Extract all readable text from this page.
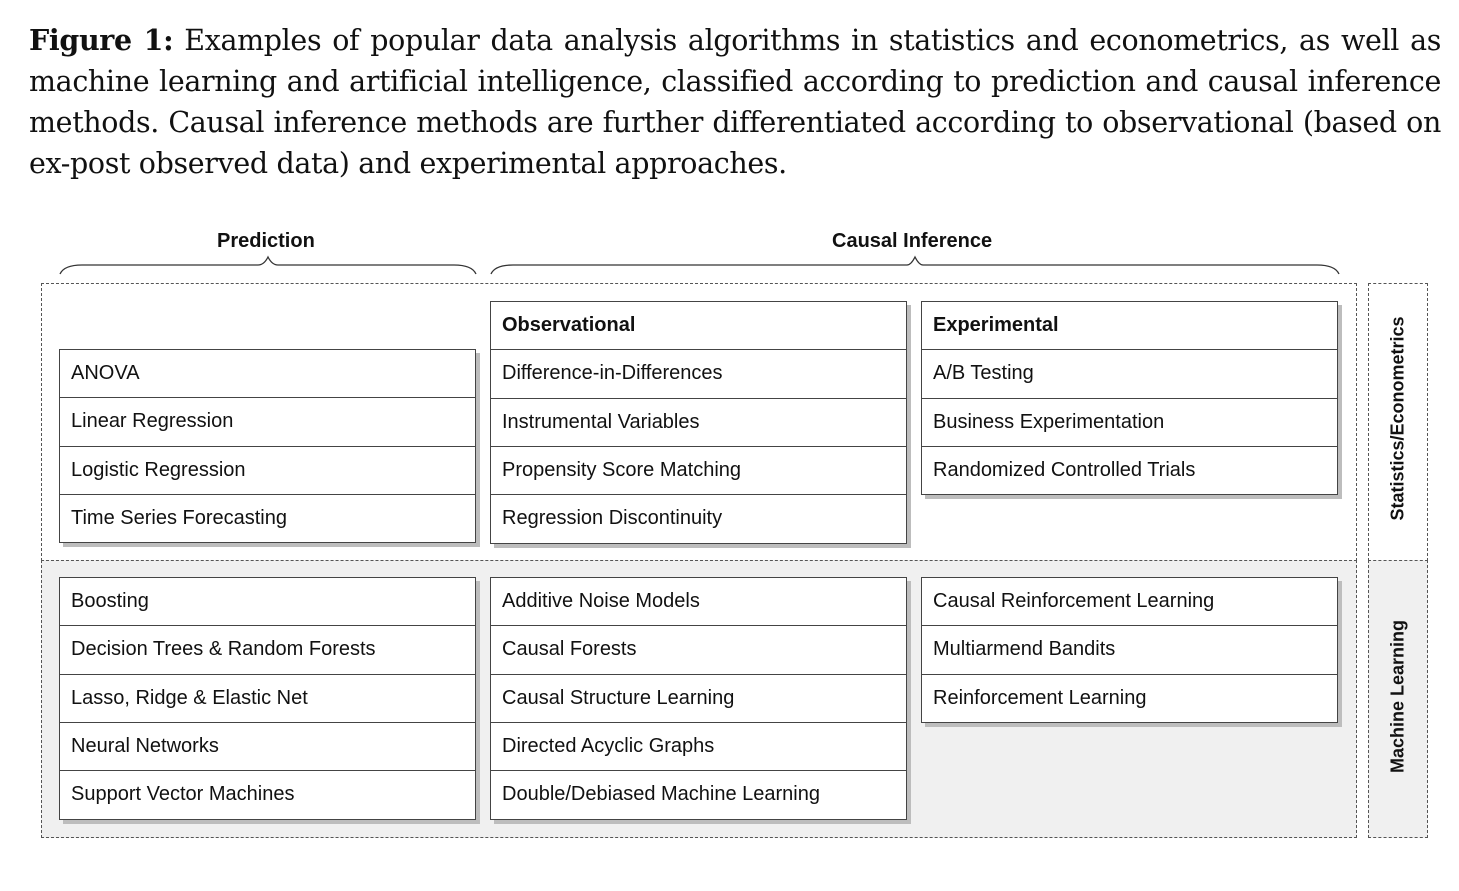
Figure 1: Examples of popular data analysis algorithms in statistics and econometrics, as well as machine learning and artificial intelligence, classified according to prediction and causal inference methods. Causal inference methods are further differentiated according to observational (based on ex-post observed data) and experimental approaches.
Prediction	Causal Inference
Statistics/Econometrics
Machine Learning
ANOVA
Linear Regression
Logistic Regression
Time Series Forecasting
Observational
Difference-in-Differences
Instrumental Variables
Propensity Score Matching
Regression Discontinuity
Experimental
A/B Testing
Business Experimentation
Randomized Controlled Trials
Boosting
Decision Trees & Random Forests
Lasso, Ridge & Elastic Net
Neural Networks
Support Vector Machines
Additive Noise Models
Causal Forests
Causal Structure Learning
Directed Acyclic Graphs
Double/Debiased Machine Learning
Causal Reinforcement Learning
Multiarmend Bandits
Reinforcement Learning
